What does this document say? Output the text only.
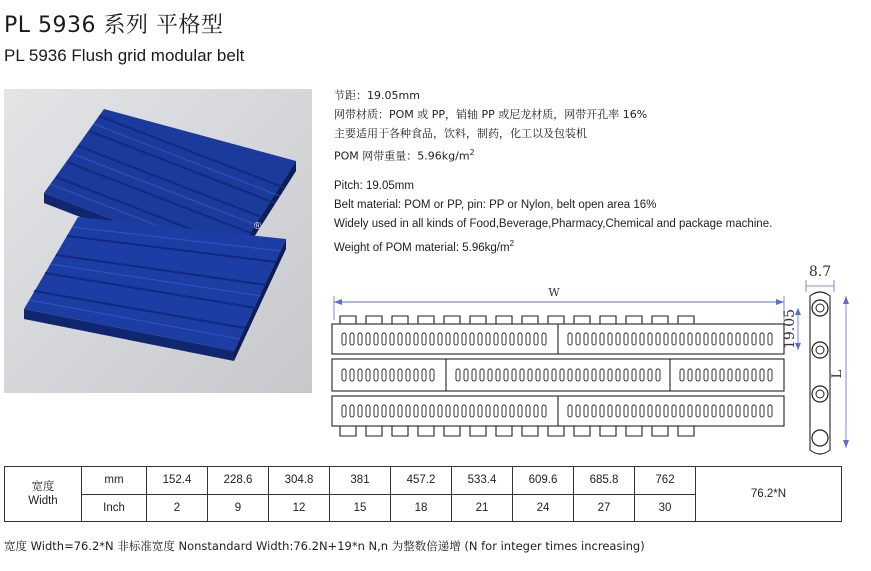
PL 5936 系列 平格型
PL 5936 Flush grid modular belt
®
节距：19.05mm
网带材质：POM 或 PP，销轴 PP 或尼龙材质，网带开孔率 16%
主要适用于各种食品，饮料，制药，化工以及包装机
POM 网带重量：$5.96kg/m^2$
Pitch: 19.05mm
Belt material: POM or PP, pin: PP or Nylon, belt open area 16%
Widely used in all kinds of Food,Beverage,Pharmacy,Chemical and package machine.
Weight of POM material: $5.96kg/m^2$
W
8.7
19.05
L
宽度
Width	mm	152.4	228.6	304.8	381	457.2	533.4	609.6	685.8	762	76.2*N
	Inch	2	9	12	15	18	21	24	27	30	
宽度 Width=76.2*N 非标准宽度 Nonstandard Width:76.2N+19*n N,n 为整数倍递增 (N for integer times increasing)
